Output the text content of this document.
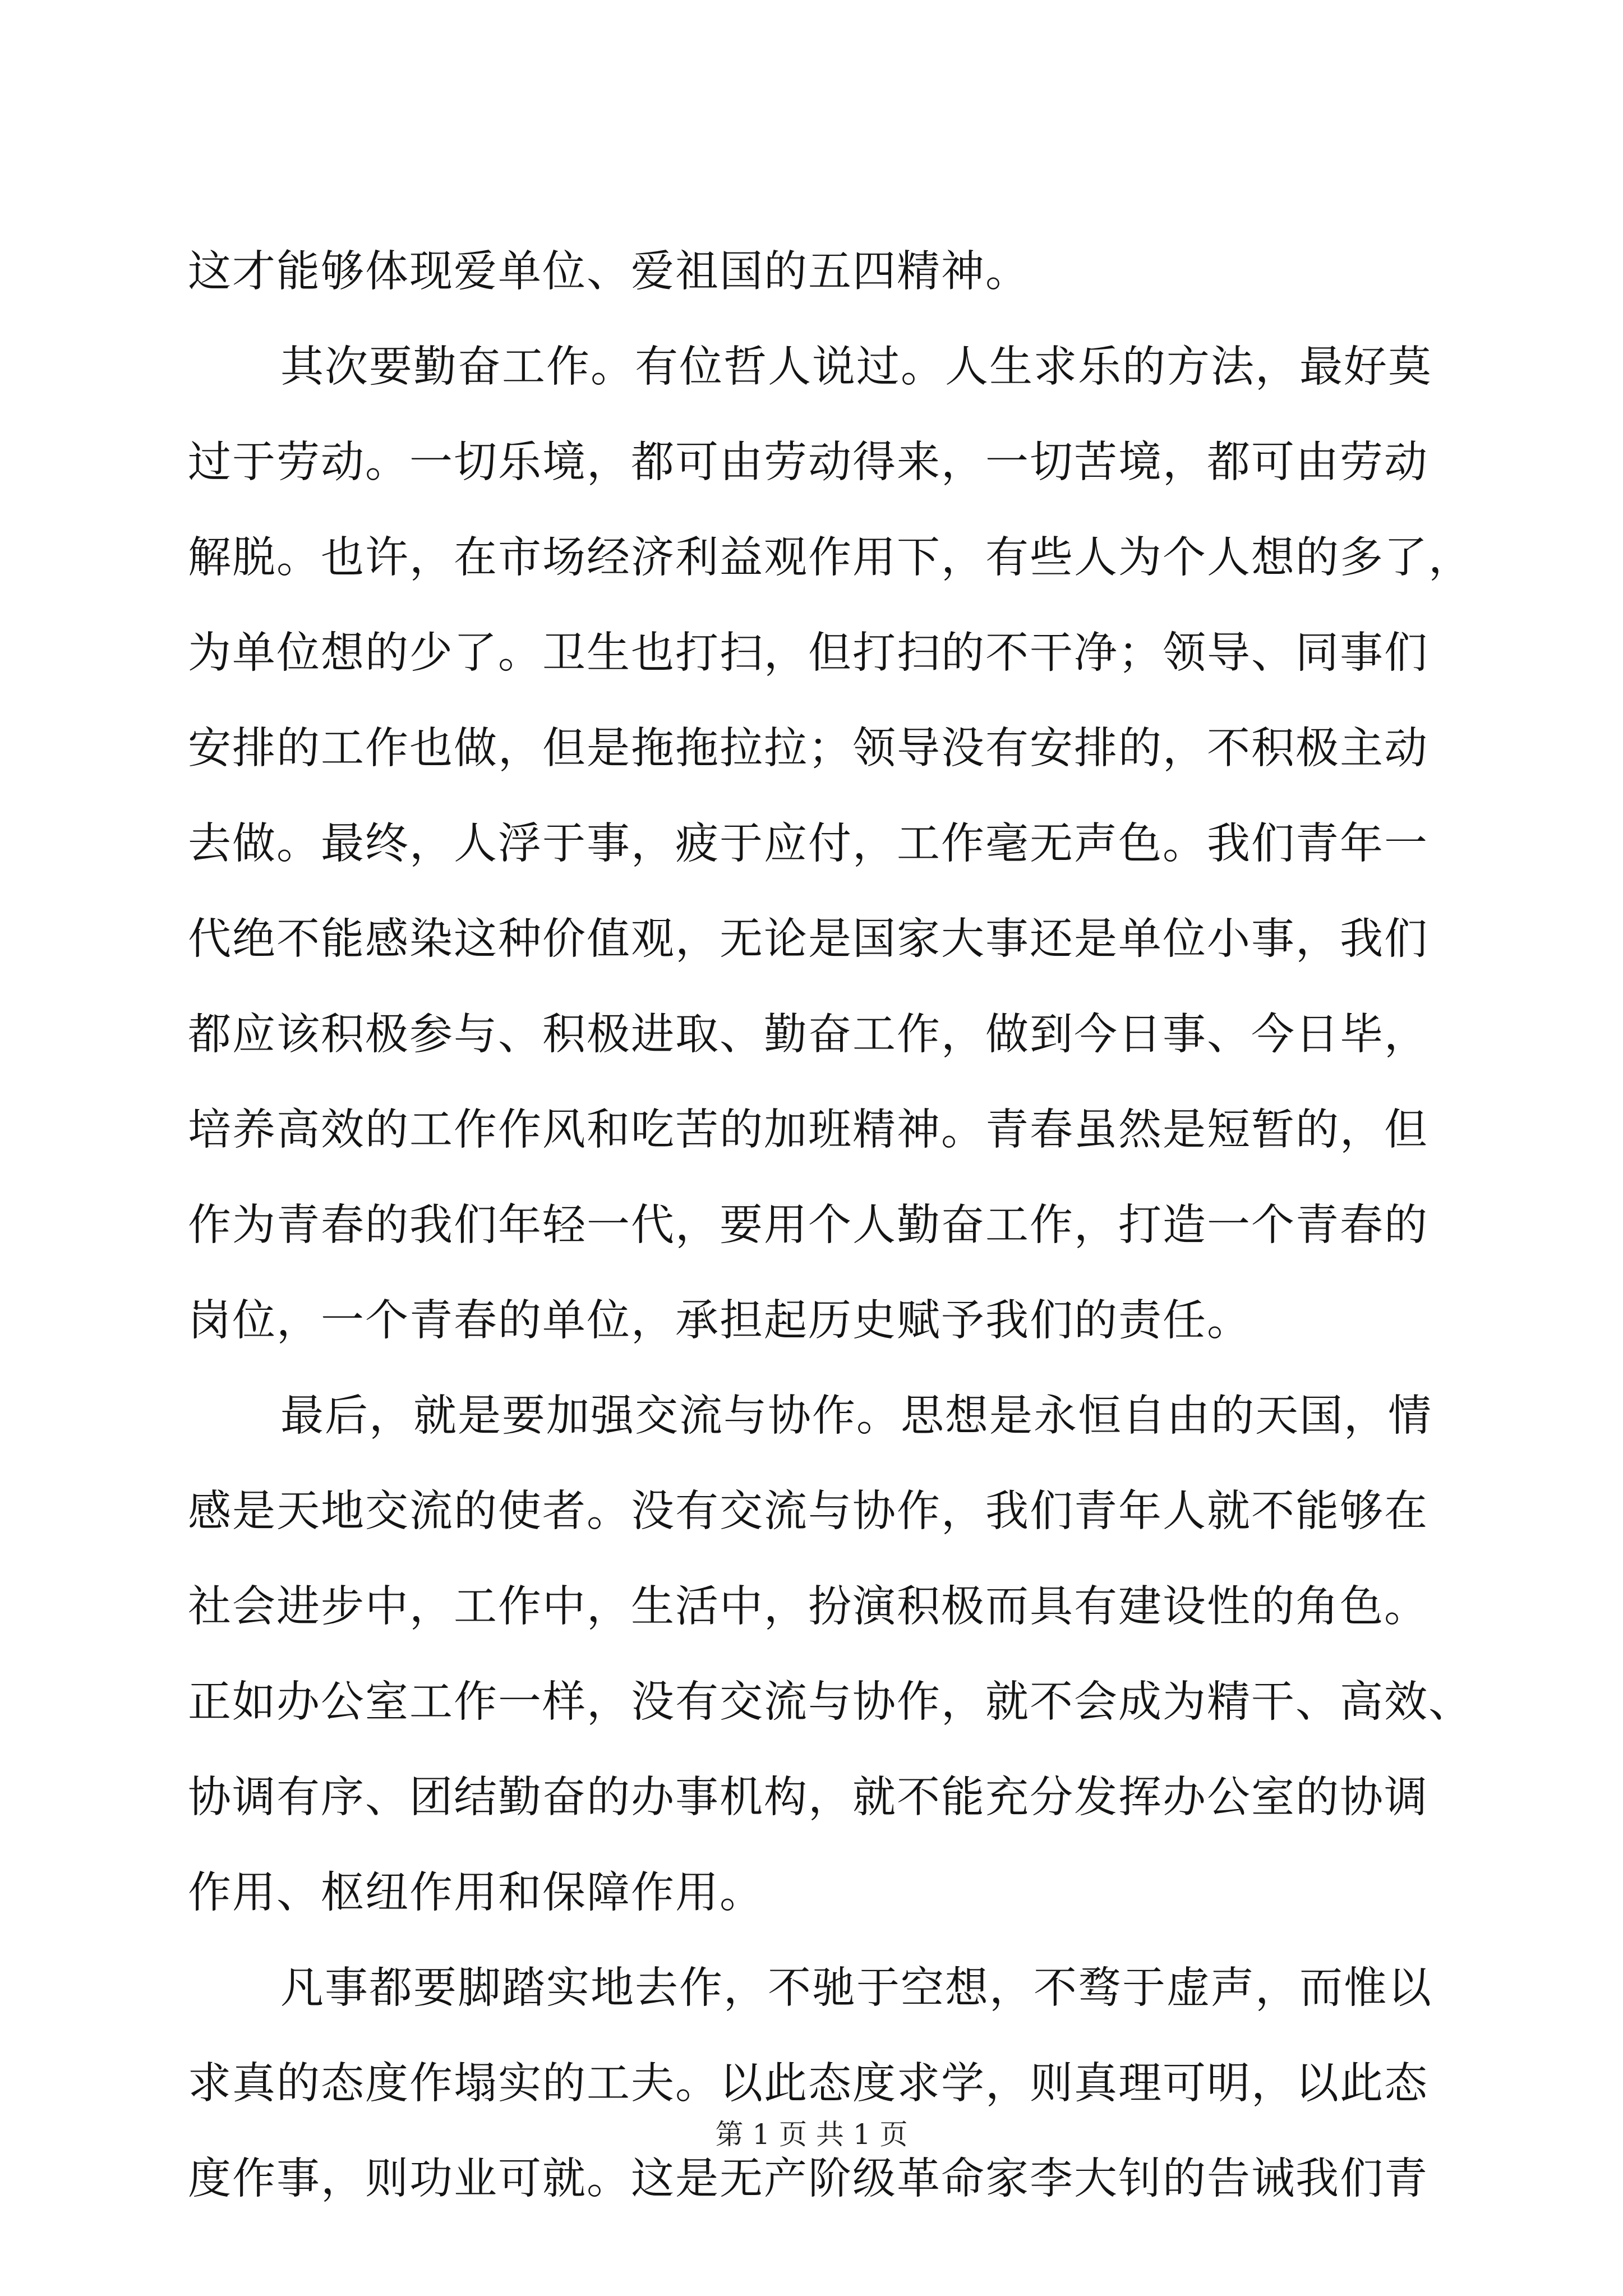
这才能够体现爱单位、爱祖国的五四精神。
其次要勤奋工作。有位哲人说过。人生求乐的方法，最好莫
过于劳动。一切乐境，都可由劳动得来，一切苦境，都可由劳动
解脱。也许，在市场经济利益观作用下，有些人为个人想的多了，
为单位想的少了。卫生也打扫，但打扫的不干净；领导、同事们
安排的工作也做，但是拖拖拉拉；领导没有安排的，不积极主动
去做。最终，人浮于事，疲于应付，工作毫无声色。我们青年一
代绝不能感染这种价值观，无论是国家大事还是单位小事，我们
都应该积极参与、积极进取、勤奋工作，做到今日事、今日毕，
培养高效的工作作风和吃苦的加班精神。青春虽然是短暂的，但
作为青春的我们年轻一代，要用个人勤奋工作，打造一个青春的
岗位，一个青春的单位，承担起历史赋予我们的责任。
最后，就是要加强交流与协作。思想是永恒自由的天国，情
感是天地交流的使者。没有交流与协作，我们青年人就不能够在
社会进步中，工作中，生活中，扮演积极而具有建设性的角色。
正如办公室工作一样，没有交流与协作，就不会成为精干、高效、
协调有序、团结勤奋的办事机构，就不能充分发挥办公室的协调
作用、枢纽作用和保障作用。
凡事都要脚踏实地去作，不驰于空想，不骛于虚声，而惟以
求真的态度作塌实的工夫。以此态度求学，则真理可明，以此态
度作事，则功业可就。这是无产阶级革命家李大钊的告诫我们青
第 1 页 共 1 页
